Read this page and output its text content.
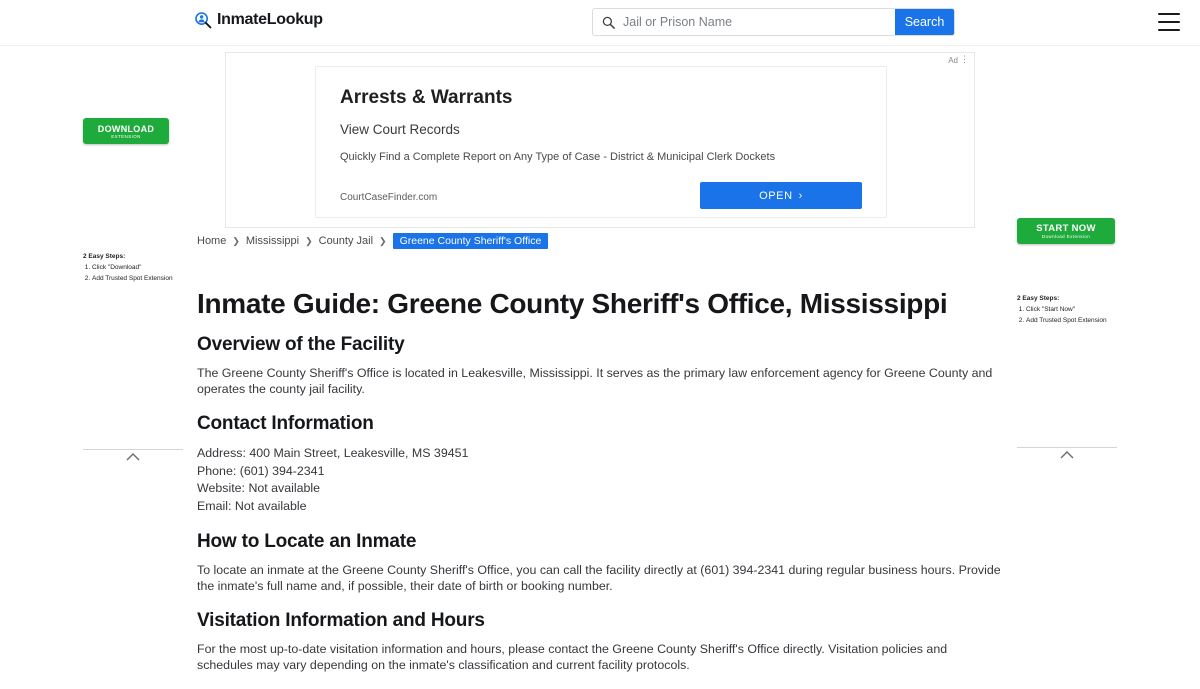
InmateLookup
Jail or Prison Name	Search
Ad ⋮

Arrests & Warrants

View Court Records

Quickly Find a Complete Report on Any Type of Case - District & Municipal Clerk Dockets

CourtCaseFinder.com	OPEN ›
Home ❯ Mississippi ❯ County Jail ❯	Greene County Sheriff's Office
Inmate Guide: Greene County Sheriff's Office, Mississippi
Overview of the Facility

The Greene County Sheriff's Office is located in Leakesville, Mississippi. It serves as the primary law enforcement agency for Greene County and operates the county jail facility.

Contact Information
Address: 400 Main Street, Leakesville, MS 39451
Phone: (601) 394-2341
Website: Not available
Email: Not available
How to Locate an Inmate

To locate an inmate at the Greene County Sheriff's Office, you can call the facility directly at (601) 394-2341 during regular business hours. Provide the inmate's full name and, if possible, their date of birth or booking number.

Visitation Information and Hours

For the most up-to-date visitation information and hours, please contact the Greene County Sheriff's Office directly. Visitation policies and schedules may vary depending on the inmate's classification and current facility protocols.

DOWNLOAD
EXTENSION
2 Easy Steps:
1. Click "Download"
2. Add Trusted Spot Extension
START NOW
Download Extension
2 Easy Steps:
1. Click "Start Now"
2. Add Trusted Spot Extension
